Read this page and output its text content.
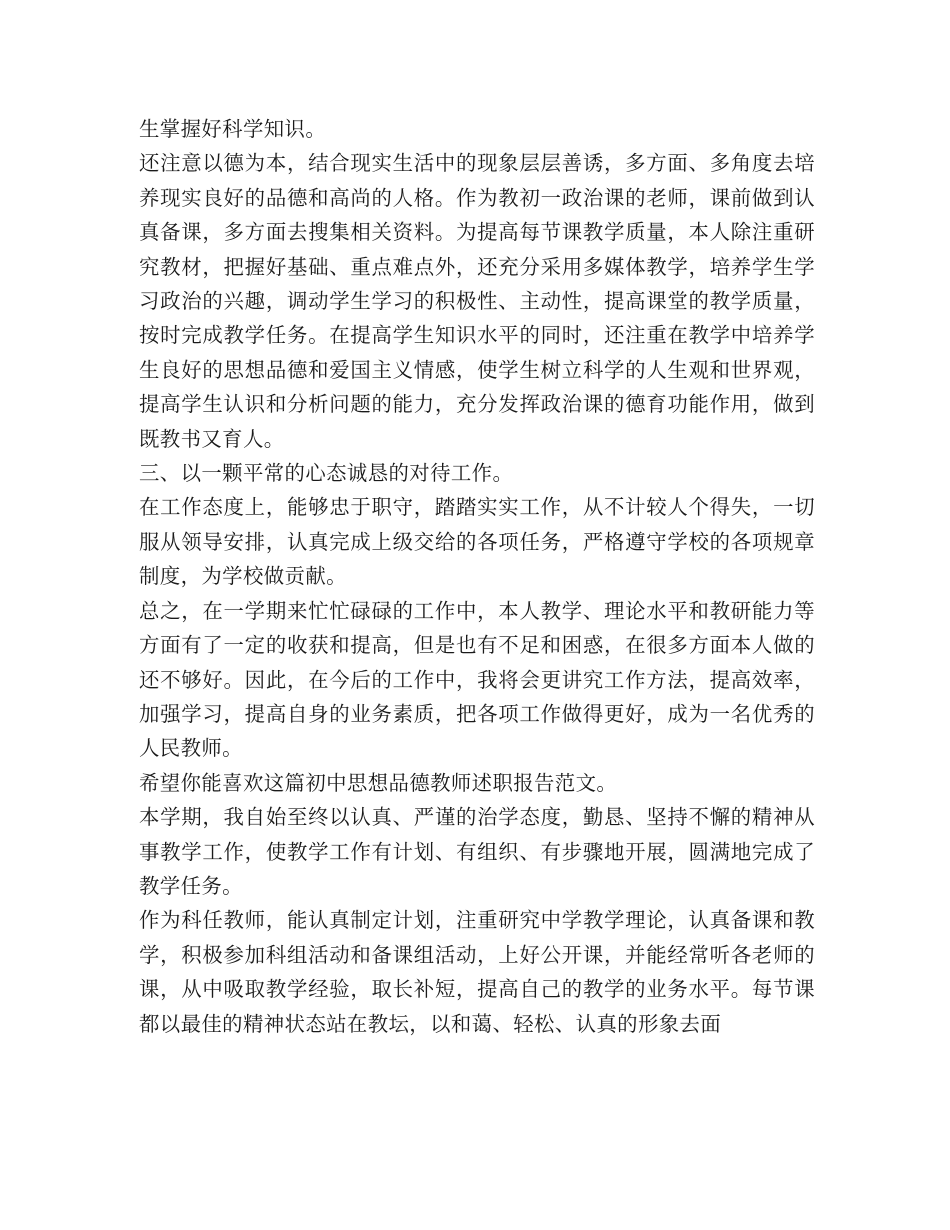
生掌握好科学知识。

还注意以德为本，结合现实生活中的现象层层善诱，多方面、多角度去培养现实良好的品德和高尚的人格。作为教初一政治课的老师，课前做到认真备课，多方面去搜集相关资料。为提高每节课教学质量，本人除注重研究教材，把握好基础、重点难点外，还充分采用多媒体教学，培养学生学习政治的兴趣，调动学生学习的积极性、主动性，提高课堂的教学质量，按时完成教学任务。在提高学生知识水平的同时，还注重在教学中培养学生良好的思想品德和爱国主义情感，使学生树立科学的人生观和世界观，提高学生认识和分析问题的能力，充分发挥政治课的德育功能作用，做到既教书又育人。

三、以一颗平常的心态诚恳的对待工作。

在工作态度上，能够忠于职守，踏踏实实工作，从不计较人个得失，一切服从领导安排，认真完成上级交给的各项任务，严格遵守学校的各项规章制度，为学校做贡献。

总之，在一学期来忙忙碌碌的工作中，本人教学、理论水平和教研能力等方面有了一定的收获和提高，但是也有不足和困惑，在很多方面本人做的还不够好。因此，在今后的工作中，我将会更讲究工作方法，提高效率，加强学习，提高自身的业务素质，把各项工作做得更好，成为一名优秀的人民教师。

希望你能喜欢这篇初中思想品德教师述职报告范文。

本学期，我自始至终以认真、严谨的治学态度，勤恳、坚持不懈的精神从事教学工作，使教学工作有计划、有组织、有步骤地开展，圆满地完成了教学任务。

作为科任教师，能认真制定计划，注重研究中学教学理论，认真备课和教学，积极参加科组活动和备课组活动，上好公开课，并能经常听各老师的课，从中吸取教学经验，取长补短，提高自己的教学的业务水平。每节课都以最佳的精神状态站在教坛，以和蔼、轻松、认真的形象去面
